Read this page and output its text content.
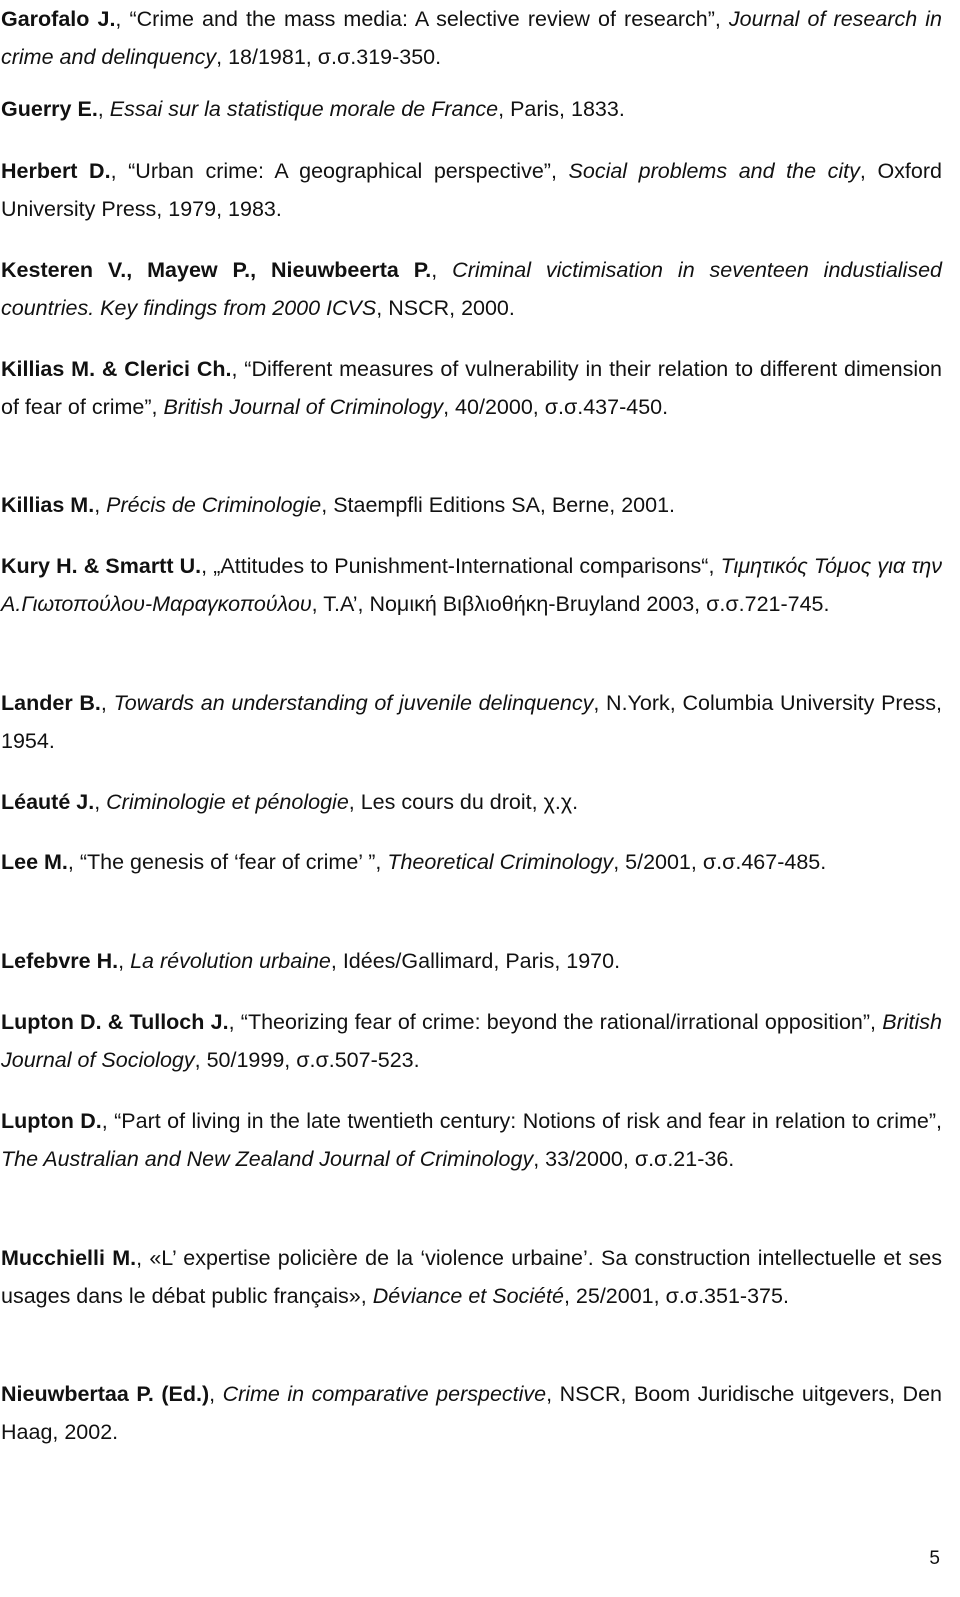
Garofalo J., “Crime and the mass media: A selective review of research”, Journal of research in crime and delinquency, 18/1981, σ.σ.319-350.

Guerry E., Essai sur la statistique morale de France, Paris, 1833.

Herbert D., “Urban crime: A geographical perspective”, Social problems and the city, Oxford University Press, 1979, 1983.

Kesteren V., Mayew P., Nieuwbeerta P., Criminal victimisation in seventeen industialised countries. Key findings from 2000 ICVS, NSCR, 2000.

Killias M. & Clerici Ch., “Different measures of vulnerability in their relation to different dimension of fear of crime”, British Journal of Criminology, 40/2000, σ.σ.437-450.

Killias M., Précis de Criminologie, Staempfli Editions SA, Berne, 2001.

Kury H. & Smartt U., „Attitudes to Punishment-International comparisons“, Τιμητικός Τόμος για την Α.Γιωτοπούλου-Μαραγκοπούλου, Τ.Α’, Νομική Βιβλιοθήκη-Bruyland 2003, σ.σ.721-745.

Lander B., Towards an understanding of juvenile delinquency, N.York, Columbia University Press, 1954.

Léauté J., Criminologie et pénologie, Les cours du droit, χ.χ.

Lee M., “The genesis of ‘fear of crime’ ”, Theoretical Criminology, 5/2001, σ.σ.467-485.

Lefebvre H., La révolution urbaine, Idées/Gallimard, Paris, 1970.

Lupton D. & Tulloch J., “Theorizing fear of crime: beyond the rational/irrational opposition”, British Journal of Sociology, 50/1999, σ.σ.507-523.

Lupton D., “Part of living in the late twentieth century: Notions of risk and fear in relation to crime”, The Australian and New Zealand Journal of Criminology, 33/2000, σ.σ.21-36.

Mucchielli M., «L’ expertise policière de la ‘violence urbaine’. Sa construction intellectuelle et ses usages dans le débat public français», Déviance et Société, 25/2001, σ.σ.351-375.

Nieuwbertaa P. (Ed.), Crime in comparative perspective, NSCR, Boom Juridische uitgevers, Den Haag, 2002.

5
